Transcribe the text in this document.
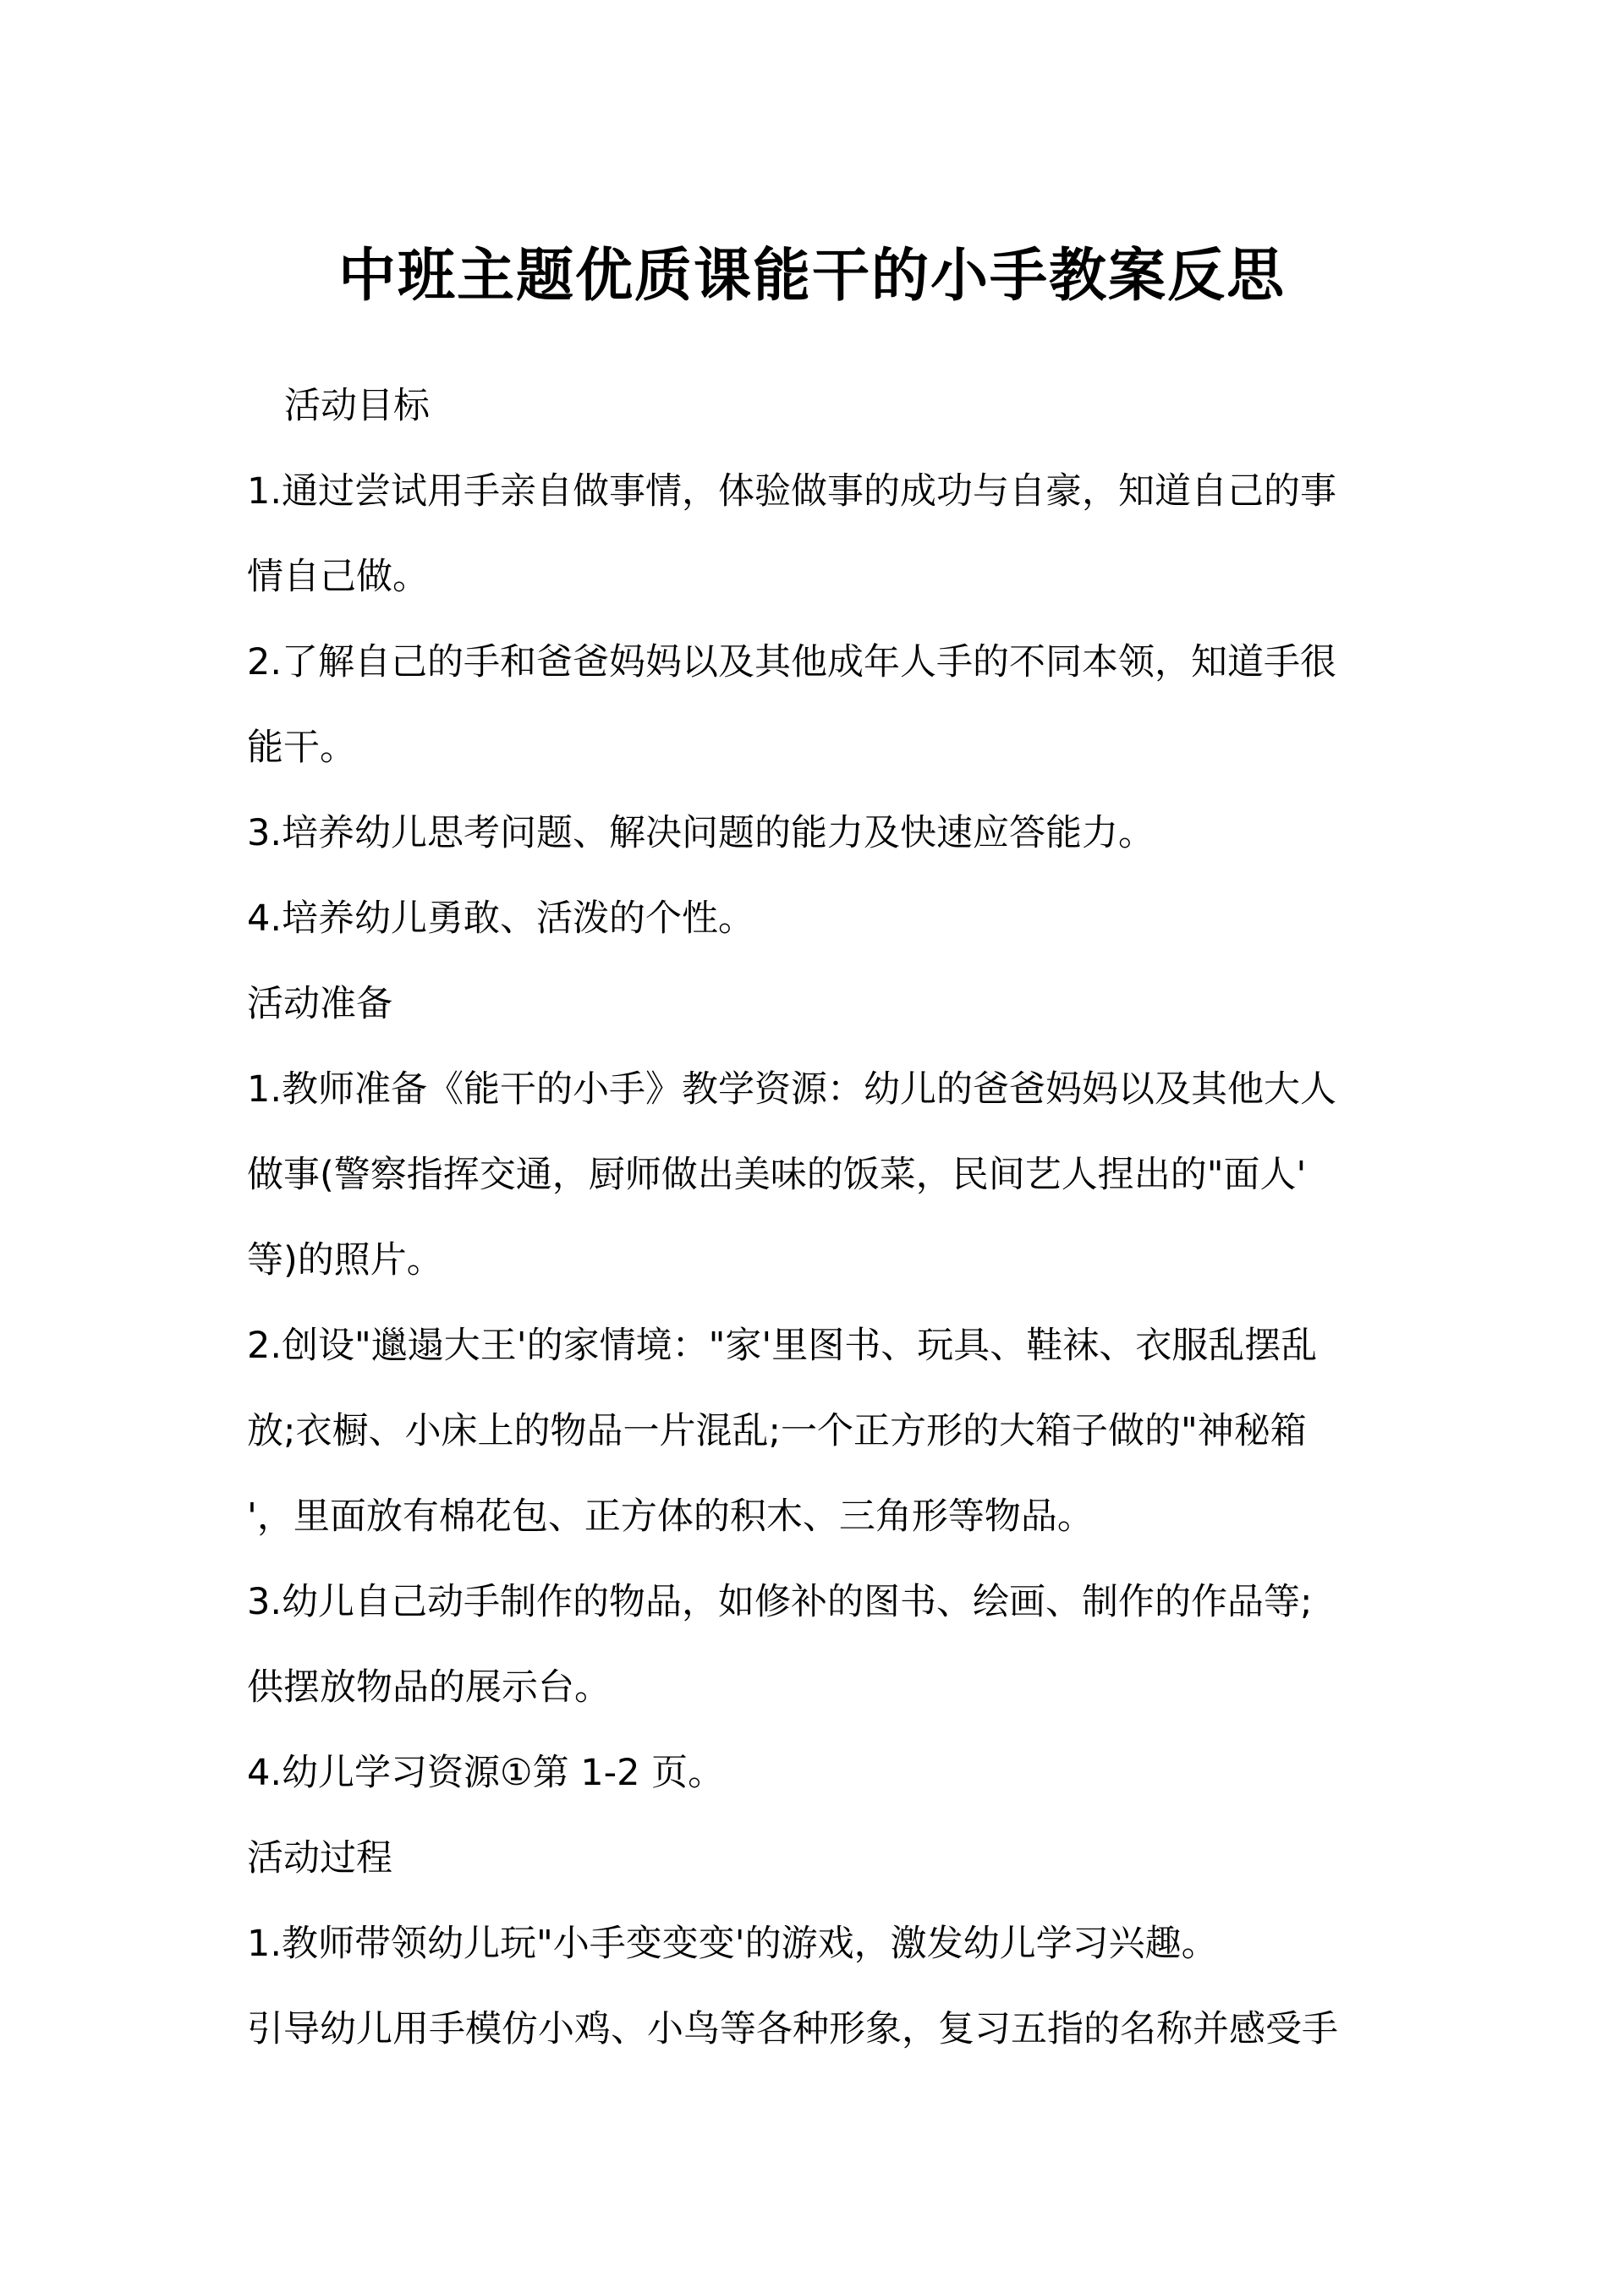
中班主题优质课能干的小手教案反思

活动目标

1.通过尝试用手亲自做事情，体验做事的成功与自豪，知道自己的事

情自己做。

2.了解自己的手和爸爸妈妈以及其他成年人手的不同本领，知道手很

能干。

3.培养幼儿思考问题、解决问题的能力及快速应答能力。

4.培养幼儿勇敢、活泼的个性。

活动准备

1.教师准备《能干的小手》教学资源：幼儿的爸爸妈妈以及其他大人

做事(警察指挥交通，厨师做出美味的饭菜，民间艺人捏出的"面人'

等)的照片。

2.创设"邋遢大王'的家情境："家'里图书、玩具、鞋袜、衣服乱摆乱

放;衣橱、小床上的物品一片混乱;一个正方形的大箱子做的"神秘箱

'，里面放有棉花包、正方体的积木、三角形等物品。

3.幼儿自己动手制作的物品，如修补的图书、绘画、制作的作品等;

供摆放物品的展示台。

4.幼儿学习资源①第 1-2 页。

活动过程

1.教师带领幼儿玩"小手变变变'的游戏，激发幼儿学习兴趣。

引导幼儿用手模仿小鸡、小鸟等各种形象，复习五指的名称并感受手
